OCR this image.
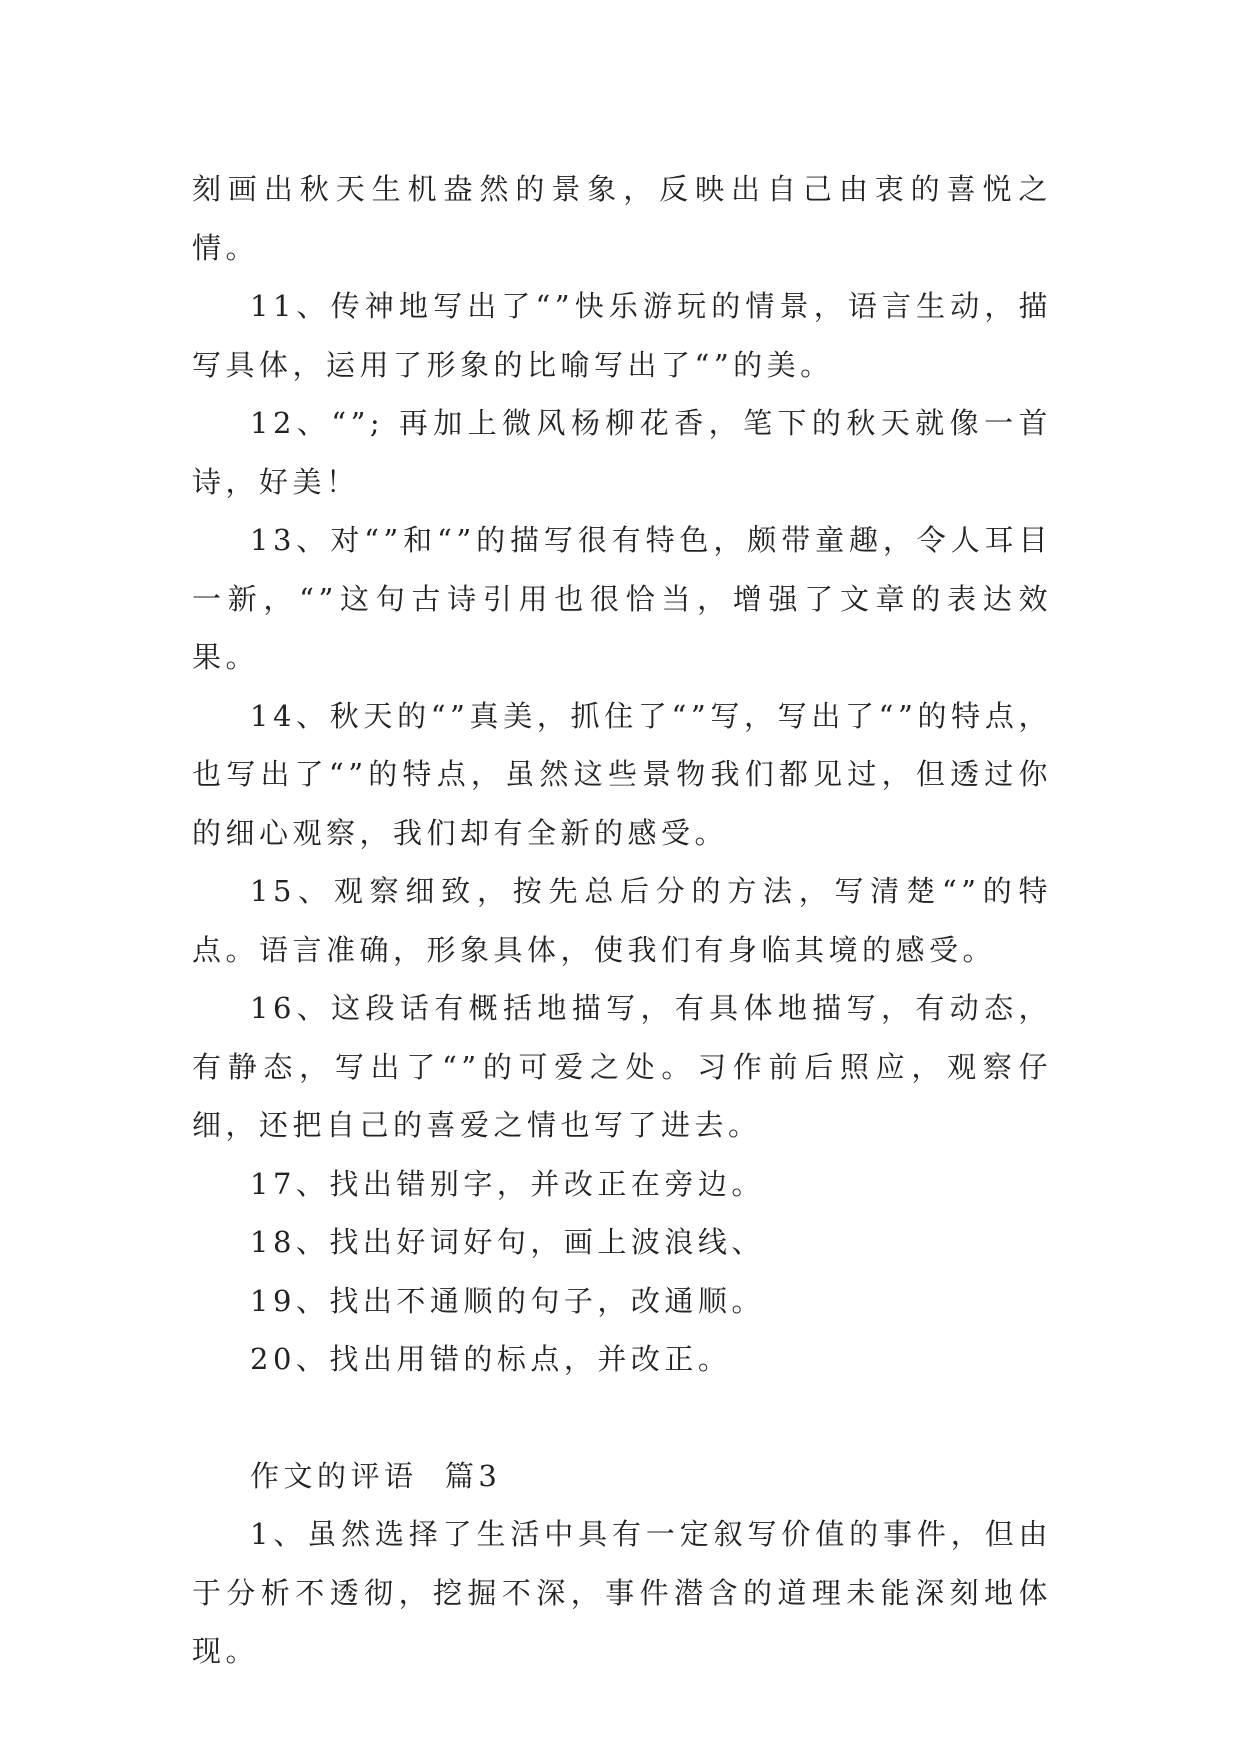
刻画出秋天生机盎然的景象，反映出自己由衷的喜悦之情。

11、传神地写出了“”快乐游玩的情景，语言生动，描写具体，运用了形象的比喻写出了“”的美。

12、“”; 再加上微风杨柳花香，笔下的秋天就像一首诗，好美！

13、对“”和“”的描写很有特色，颇带童趣，令人耳目一新，“”这句古诗引用也很恰当，增强了文章的表达效果。

14、秋天的“”真美，抓住了“”写，写出了“”的特点，也写出了“”的特点，虽然这些景物我们都见过，但透过你的细心观察，我们却有全新的感受。

15、观察细致，按先总后分的方法，写清楚“”的特点。语言准确，形象具体，使我们有身临其境的感受。

16、这段话有概括地描写，有具体地描写，有动态，有静态，写出了“”的可爱之处。习作前后照应，观察仔细，还把自己的喜爱之情也写了进去。

17、找出错别字，并改正在旁边。

18、找出好词好句，画上波浪线、

19、找出不通顺的句子，改通顺。

20、找出用错的标点，并改正。

作文的评语  篇3

1、虽然选择了生活中具有一定叙写价值的事件，但由于分析不透彻，挖掘不深，事件潜含的道理未能深刻地体现。
